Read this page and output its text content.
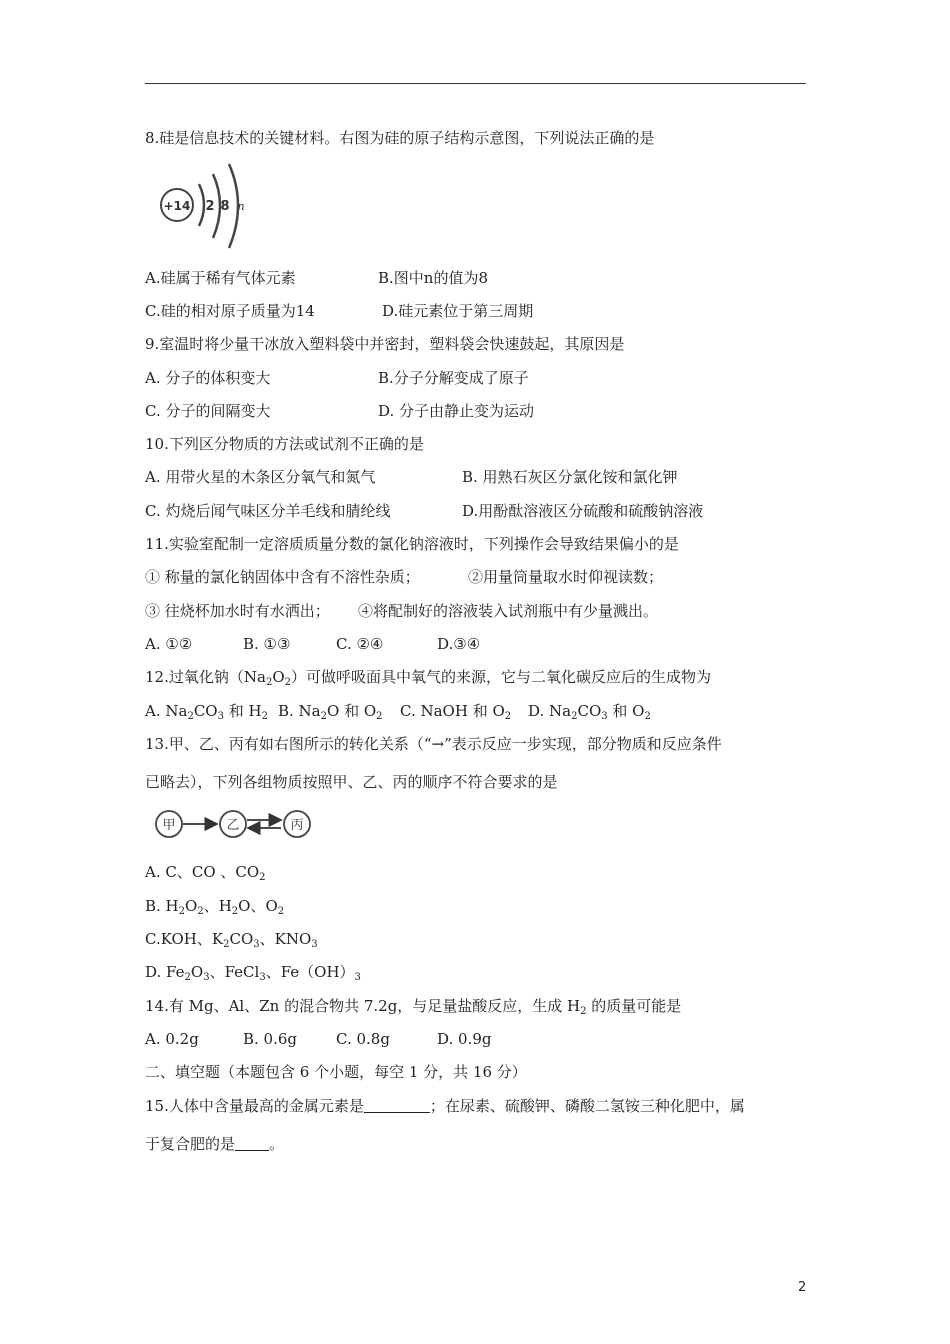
8.硅是信息技术的关键材料。右图为硅的原子结构示意图，下列说法正确的是
+14 2 8 n
A.硅属于稀有气体元素	B.图中n的值为8
C.硅的相对原子质量为14	D.硅元素位于第三周期
9.室温时将少量干冰放入塑料袋中并密封，塑料袋会快速鼓起，其原因是
A. 分子的体积变大	B.分子分解变成了原子
C. 分子的间隔变大	D. 分子由静止变为运动
10.下列区分物质的方法或试剂不正确的是
A. 用带火星的木条区分氧气和氮气	B. 用熟石灰区分氯化铵和氯化钾
C. 灼烧后闻气味区分羊毛线和腈纶线	D.用酚酞溶液区分硫酸和硫酸钠溶液
11.实验室配制一定溶质质量分数的氯化钠溶液时，下列操作会导致结果偏小的是
① 称量的氯化钠固体中含有不溶性杂质；	②用量筒量取水时仰视读数；
③ 往烧杯加水时有水洒出； ④将配制好的溶液装入试剂瓶中有少量溅出。
A. ①②	B. ①③	C. ②④	D.③④
12.过氧化钠$(Na_2O_2)$可做呼吸面具中氧气的来源，它与二氧化碳反应后的生成物为
A. $Na_2CO_3$ 和 $H_2$ B. $Na_2O$ 和 $O_2$ C. NaOH 和 $O_2$ D. $Na_2CO_3$ 和 $O_2$
13.甲、乙、丙有如右图所示的转化关系（“→”表示反应一步实现，部分物质和反应条件
已略去），下列各组物质按照甲、乙、丙的顺序不符合要求的是
甲	乙	丙
A. C、CO 、$CO_2$
B. $H_2O_2$、$H_2O$、$O_2$
C.KOH、$K_2CO_3$、$KNO_3$
D. $Fe_2O_3$、FeCl$_3$、$Fe(OH)_3$
14.有 Mg、Al、Zn 的混合物共 7.2g，与足量盐酸反应，生成 $H_2$ 的质量可能是
A. 0.2g	B. 0.6g	C. 0.8g	D. 0.9g
二、填空题（本题包含 6 个小题，每空 1 分，共 16 分）
15.人体中含量最高的金属元素是	；在尿素、硫酸钾、磷酸二氢铵三种化肥中，属
于复合肥的是 。
2
